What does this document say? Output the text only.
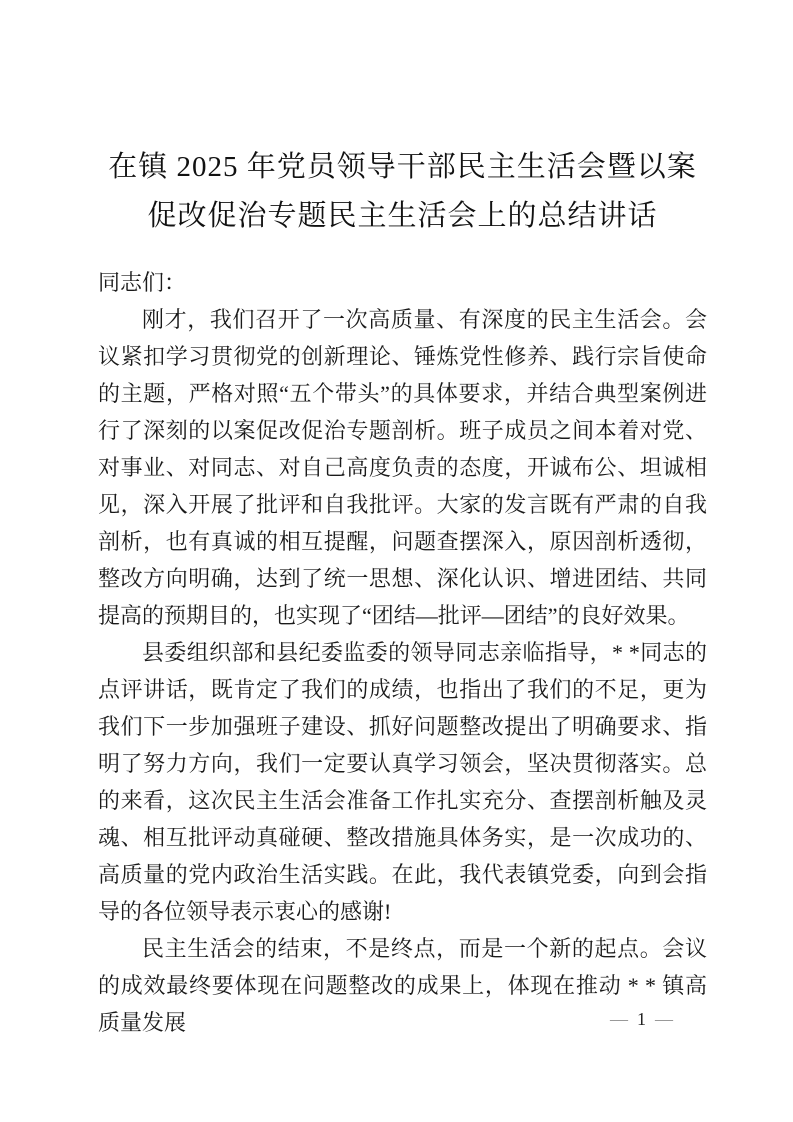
在镇 2025 年党员领导干部民主生活会暨以案
促改促治专题民主生活会上的总结讲话

同志们：

刚才，我们召开了一次高质量、有深度的民主生活会。会议紧扣学习贯彻党的创新理论、锤炼党性修养、践行宗旨使命的主题，严格对照“五个带头”的具体要求，并结合典型案例进行了深刻的以案促改促治专题剖析。班子成员之间本着对党、对事业、对同志、对自己高度负责的态度，开诚布公、坦诚相见，深入开展了批评和自我批评。大家的发言既有严肃的自我剖析，也有真诚的相互提醒，问题查摆深入，原因剖析透彻，整改方向明确，达到了统一思想、深化认识、增进团结、共同提高的预期目的，也实现了“团结—批评—团结”的良好效果。

县委组织部和县纪委监委的领导同志亲临指导，* *同志的点评讲话，既肯定了我们的成绩，也指出了我们的不足，更为我们下一步加强班子建设、抓好问题整改提出了明确要求、指明了努力方向，我们一定要认真学习领会，坚决贯彻落实。总的来看，这次民主生活会准备工作扎实充分、查摆剖析触及灵魂、相互批评动真碰硬、整改措施具体务实，是一次成功的、高质量的党内政治生活实践。在此，我代表镇党委，向到会指导的各位领导表示衷心的感谢!

民主生活会的结束，不是终点，而是一个新的起点。会议的成效最终要体现在问题整改的成果上，体现在推动 * * 镇高质量发展	— 1 —
